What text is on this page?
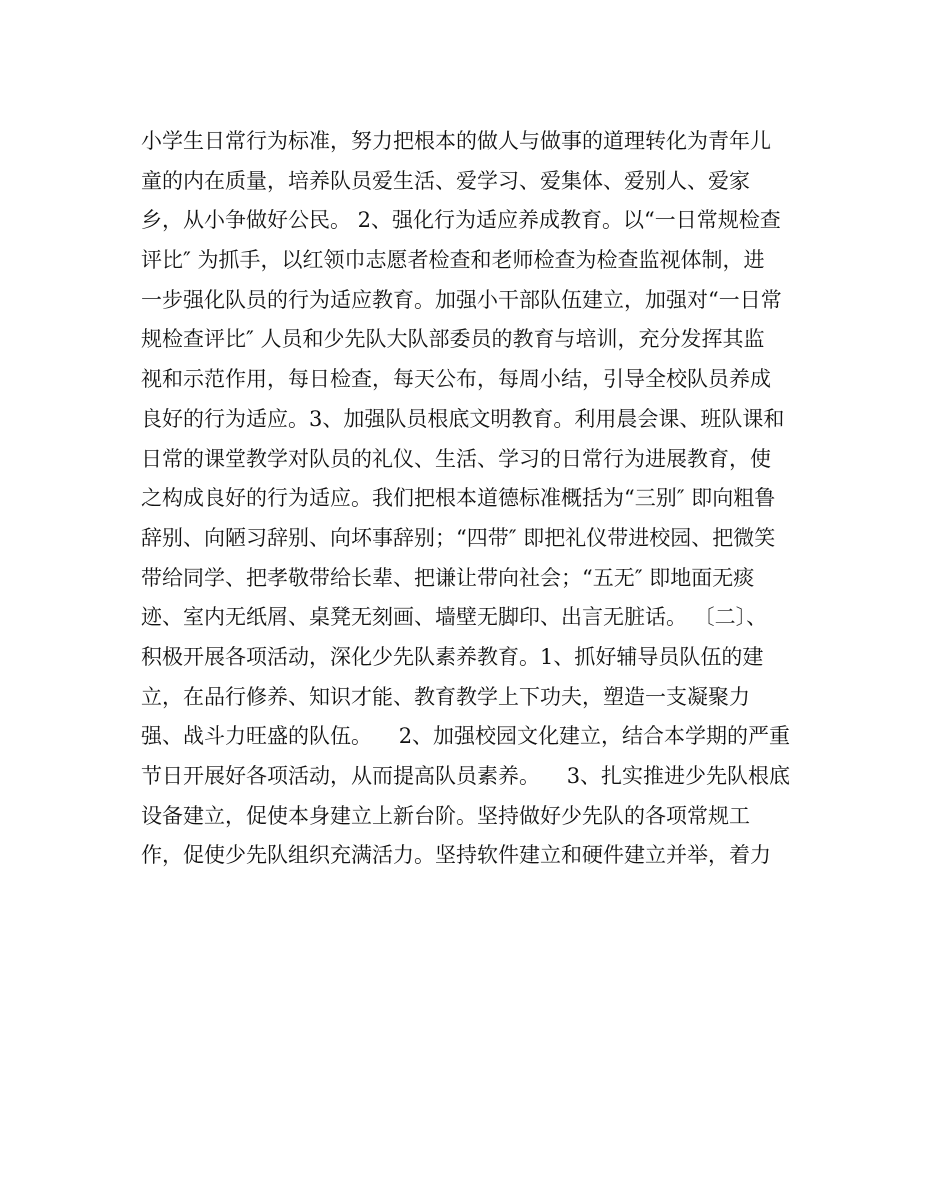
小学生日常行为标准，努力把根本的做人与做事的道理转化为青年儿
童的内在质量，培养队员爱生活、爱学习、爱集体、爱别人、爱家
乡，从小争做好公民。 2、强化行为适应养成教育。以“一日常规检查
评比″ 为抓手，以红领巾志愿者检查和老师检查为检查监视体制，进
一步强化队员的行为适应教育。加强小干部队伍建立，加强对“一日常
规检查评比″ 人员和少先队大队部委员的教育与培训，充分发挥其监
视和示范作用，每日检查，每天公布，每周小结，引导全校队员养成
良好的行为适应。3、加强队员根底文明教育。利用晨会课、班队课和
日常的课堂教学对队员的礼仪、生活、学习的日常行为进展教育，使
之构成良好的行为适应。我们把根本道德标准概括为“三别″ 即向粗鲁
辞别、向陋习辞别、向坏事辞别；“四带″ 即把礼仪带进校园、把微笑
带给同学、把孝敬带给长辈、把谦让带向社会；“五无″ 即地面无痰
迹、室内无纸屑、桌凳无刻画、墙壁无脚印、出言无脏话。 〔二〕、
积极开展各项活动，深化少先队素养教育。1、抓好辅导员队伍的建
立，在品行修养、知识才能、教育教学上下功夫，塑造一支凝聚力
强、战斗力旺盛的队伍。    2、加强校园文化建立，结合本学期的严重
节日开展好各项活动，从而提高队员素养。    3、扎实推进少先队根底
设备建立，促使本身建立上新台阶。坚持做好少先队的各项常规工
作，促使少先队组织充满活力。坚持软件建立和硬件建立并举，着力
